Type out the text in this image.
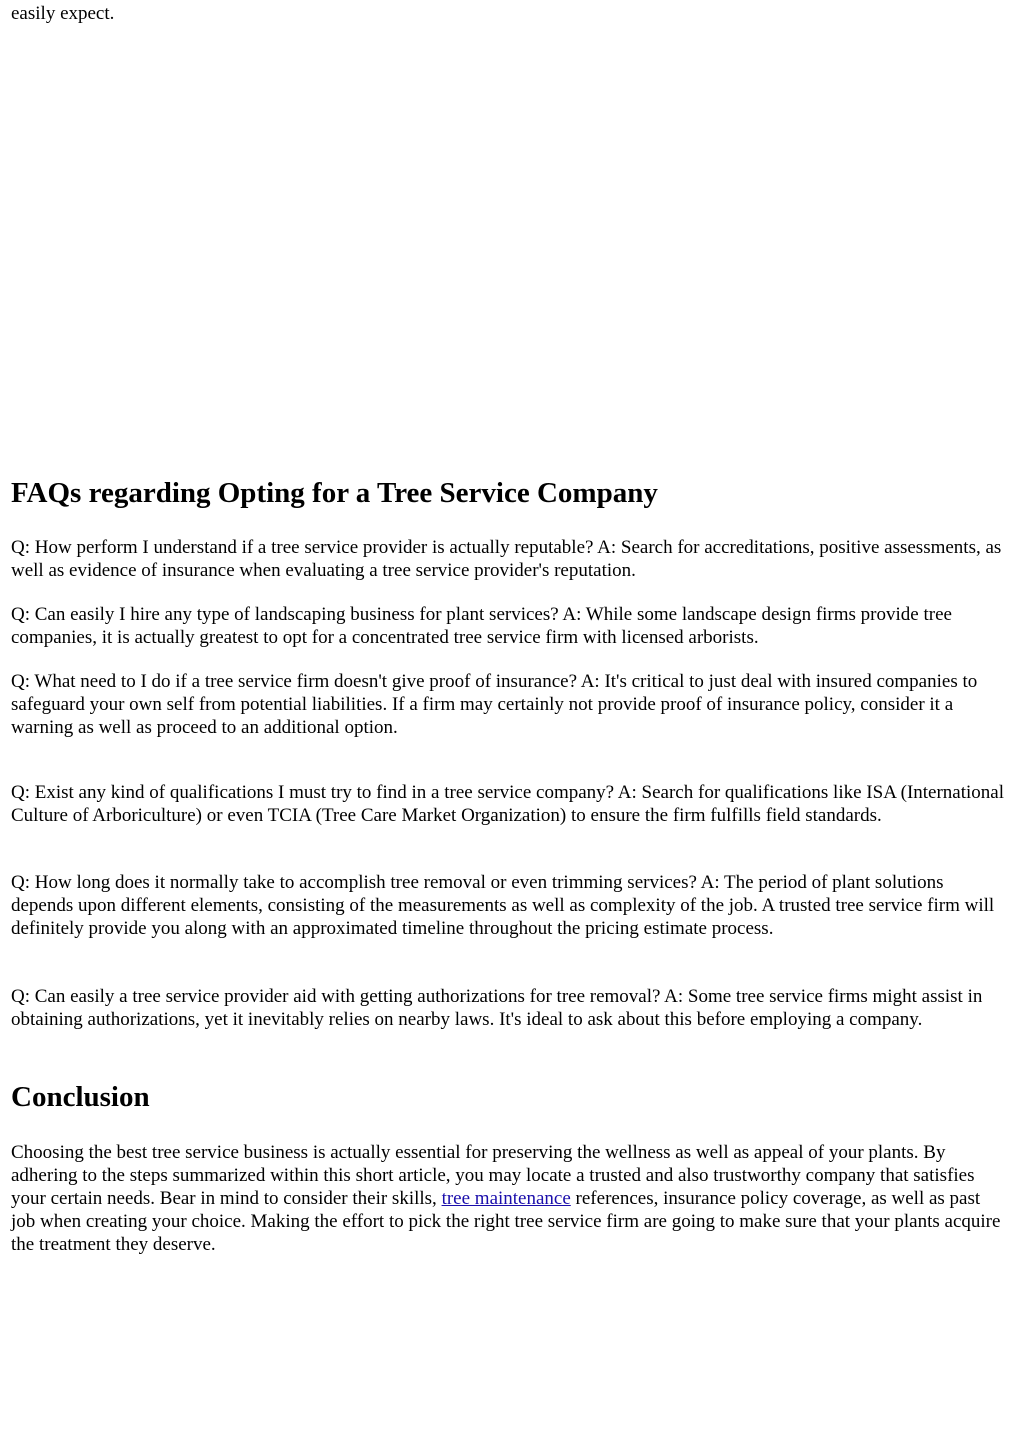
easily expect.

FAQs regarding Opting for a Tree Service Company

Q: How perform I understand if a tree service provider is actually reputable? A: Search for accreditations, positive assessments, as well as evidence of insurance when evaluating a tree service provider's reputation.

Q: Can easily I hire any type of landscaping business for plant services? A: While some landscape design firms provide tree companies, it is actually greatest to opt for a concentrated tree service firm with licensed arborists.

Q: What need to I do if a tree service firm doesn't give proof of insurance? A: It's critical to just deal with insured companies to safeguard your own self from potential liabilities. If a firm may certainly not provide proof of insurance policy, consider it a warning as well as proceed to an additional option.

Q: Exist any kind of qualifications I must try to find in a tree service company? A: Search for qualifications like ISA (International Culture of Arboriculture) or even TCIA (Tree Care Market Organization) to ensure the firm fulfills field standards.

Q: How long does it normally take to accomplish tree removal or even trimming services? A: The period of plant solutions depends upon different elements, consisting of the measurements as well as complexity of the job. A trusted tree service firm will definitely provide you along with an approximated timeline throughout the pricing estimate process.

Q: Can easily a tree service provider aid with getting authorizations for tree removal? A: Some tree service firms might assist in obtaining authorizations, yet it inevitably relies on nearby laws. It's ideal to ask about this before employing a company.

Conclusion

Choosing the best tree service business is actually essential for preserving the wellness as well as appeal of your plants. By adhering to the steps summarized within this short article, you may locate a trusted and also trustworthy company that satisfies your certain needs. Bear in mind to consider their skills, tree maintenance references, insurance policy coverage, as well as past job when creating your choice. Making the effort to pick the right tree service firm are going to make sure that your plants acquire the treatment they deserve.
